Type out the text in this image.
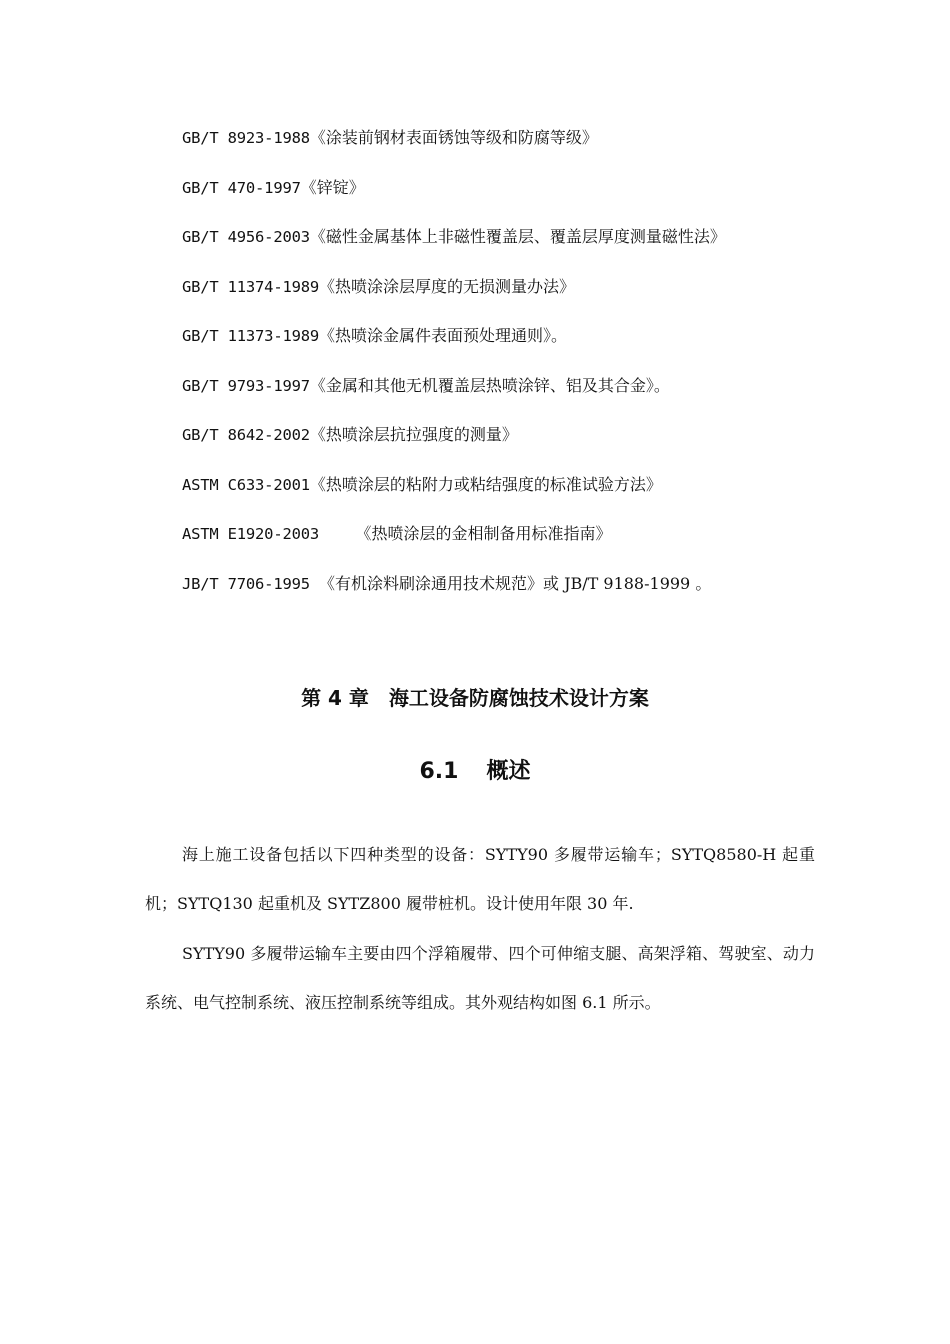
GB/T 8923-1988《涂装前钢材表面锈蚀等级和防腐等级》
GB/T 470-1997《锌锭》
GB/T 4956-2003《磁性金属基体上非磁性覆盖层、覆盖层厚度测量磁性法》
GB/T 11374-1989《热喷涂涂层厚度的无损测量办法》
GB/T 11373-1989《热喷涂金属件表面预处理通则》。
GB/T 9793-1997《金属和其他无机覆盖层热喷涂锌、铝及其合金》。
GB/T 8642-2002《热喷涂层抗拉强度的测量》
ASTM C633-2001《热喷涂层的粘附力或粘结强度的标准试验方法》
ASTM E1920-2003    《热喷涂层的金相制备用标准指南》
JB/T 7706-1995 《有机涂料刷涂通用技术规范》或 JB/T 9188-1999 。
第 4 章 海工设备防腐蚀技术设计方案
6.1 概述

海上施工设备包括以下四种类型的设备：SYTY90 多履带运输车；SYTQ8580-H 起重机；SYTQ130 起重机及 SYTZ800 履带桩机。设计使用年限 30 年.

SYTY90 多履带运输车主要由四个浮箱履带、四个可伸缩支腿、高架浮箱、驾驶室、动力系统、电气控制系统、液压控制系统等组成。其外观结构如图 6.1 所示。
